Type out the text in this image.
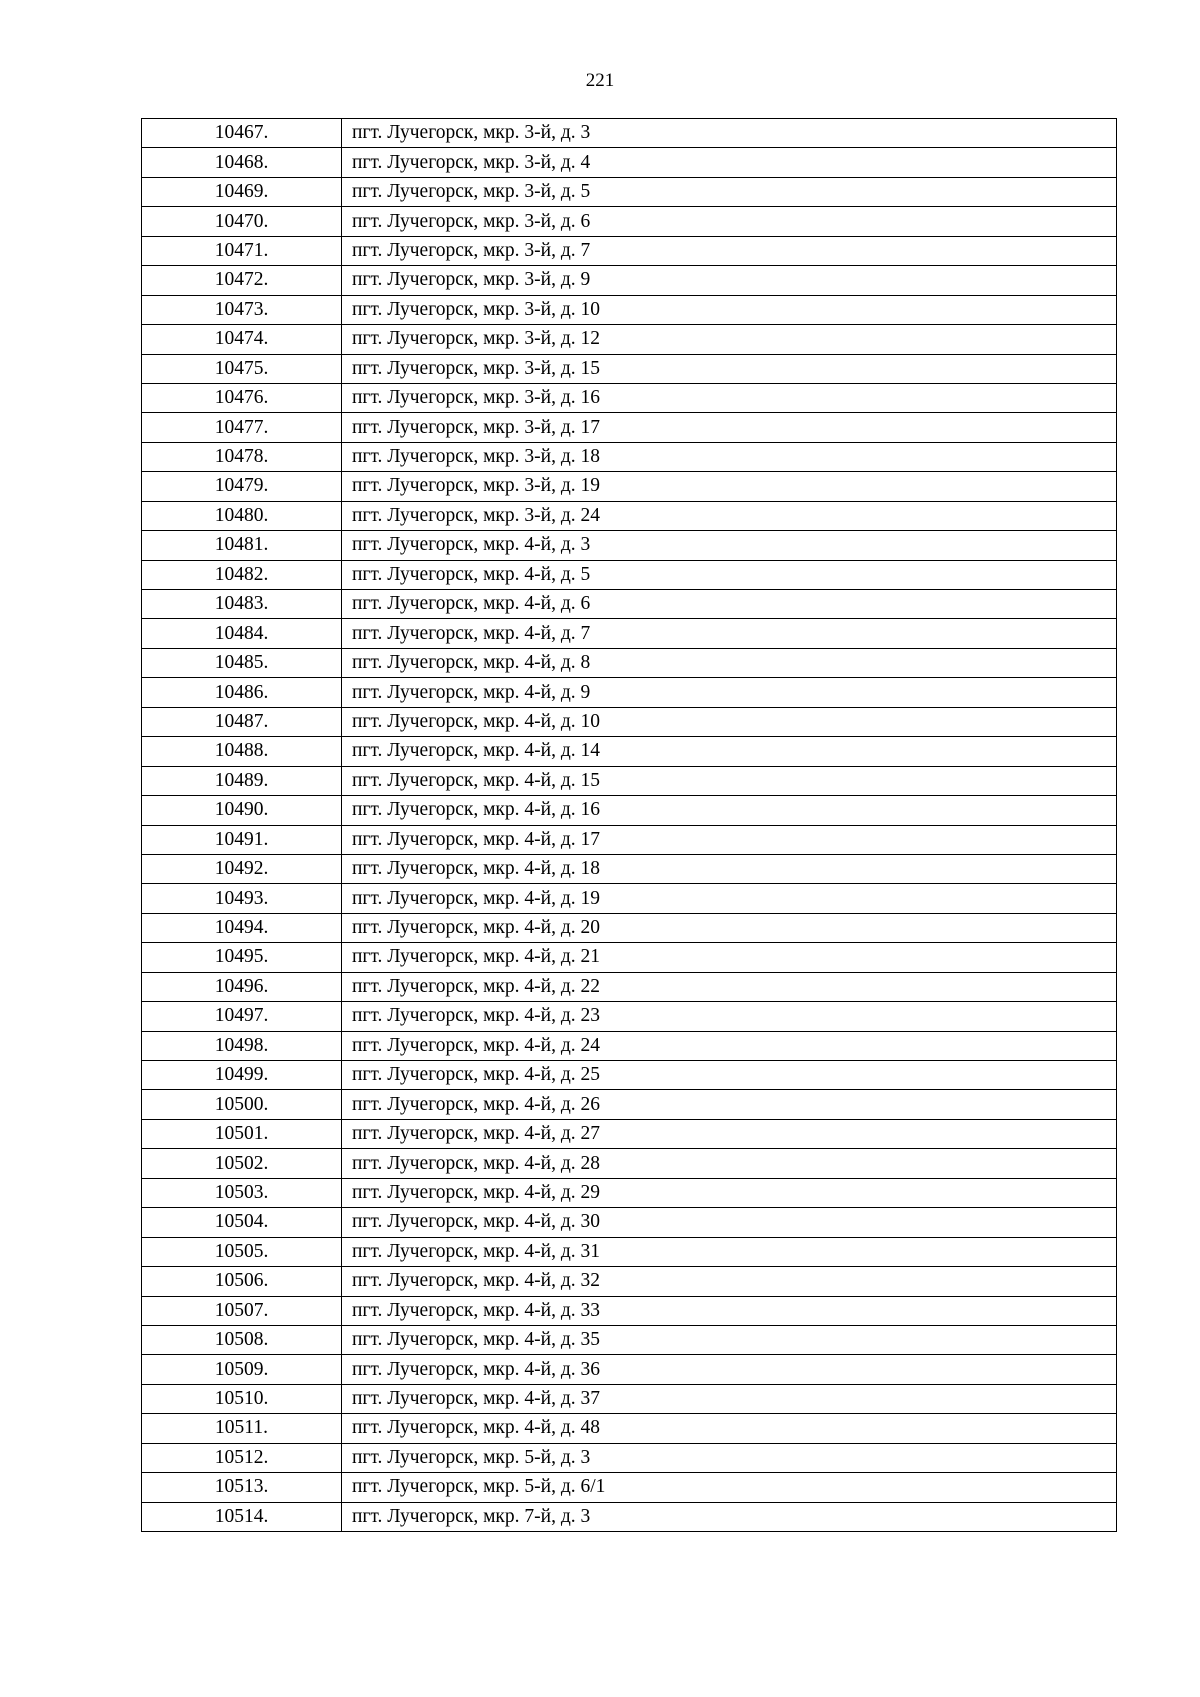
221
10467.	пгт. Лучегорск, мкр. 3-й, д. 3
10468.	пгт. Лучегорск, мкр. 3-й, д. 4
10469.	пгт. Лучегорск, мкр. 3-й, д. 5
10470.	пгт. Лучегорск, мкр. 3-й, д. 6
10471.	пгт. Лучегорск, мкр. 3-й, д. 7
10472.	пгт. Лучегорск, мкр. 3-й, д. 9
10473.	пгт. Лучегорск, мкр. 3-й, д. 10
10474.	пгт. Лучегорск, мкр. 3-й, д. 12
10475.	пгт. Лучегорск, мкр. 3-й, д. 15
10476.	пгт. Лучегорск, мкр. 3-й, д. 16
10477.	пгт. Лучегорск, мкр. 3-й, д. 17
10478.	пгт. Лучегорск, мкр. 3-й, д. 18
10479.	пгт. Лучегорск, мкр. 3-й, д. 19
10480.	пгт. Лучегорск, мкр. 3-й, д. 24
10481.	пгт. Лучегорск, мкр. 4-й, д. 3
10482.	пгт. Лучегорск, мкр. 4-й, д. 5
10483.	пгт. Лучегорск, мкр. 4-й, д. 6
10484.	пгт. Лучегорск, мкр. 4-й, д. 7
10485.	пгт. Лучегорск, мкр. 4-й, д. 8
10486.	пгт. Лучегорск, мкр. 4-й, д. 9
10487.	пгт. Лучегорск, мкр. 4-й, д. 10
10488.	пгт. Лучегорск, мкр. 4-й, д. 14
10489.	пгт. Лучегорск, мкр. 4-й, д. 15
10490.	пгт. Лучегорск, мкр. 4-й, д. 16
10491.	пгт. Лучегорск, мкр. 4-й, д. 17
10492.	пгт. Лучегорск, мкр. 4-й, д. 18
10493.	пгт. Лучегорск, мкр. 4-й, д. 19
10494.	пгт. Лучегорск, мкр. 4-й, д. 20
10495.	пгт. Лучегорск, мкр. 4-й, д. 21
10496.	пгт. Лучегорск, мкр. 4-й, д. 22
10497.	пгт. Лучегорск, мкр. 4-й, д. 23
10498.	пгт. Лучегорск, мкр. 4-й, д. 24
10499.	пгт. Лучегорск, мкр. 4-й, д. 25
10500.	пгт. Лучегорск, мкр. 4-й, д. 26
10501.	пгт. Лучегорск, мкр. 4-й, д. 27
10502.	пгт. Лучегорск, мкр. 4-й, д. 28
10503.	пгт. Лучегорск, мкр. 4-й, д. 29
10504.	пгт. Лучегорск, мкр. 4-й, д. 30
10505.	пгт. Лучегорск, мкр. 4-й, д. 31
10506.	пгт. Лучегорск, мкр. 4-й, д. 32
10507.	пгт. Лучегорск, мкр. 4-й, д. 33
10508.	пгт. Лучегорск, мкр. 4-й, д. 35
10509.	пгт. Лучегорск, мкр. 4-й, д. 36
10510.	пгт. Лучегорск, мкр. 4-й, д. 37
10511.	пгт. Лучегорск, мкр. 4-й, д. 48
10512.	пгт. Лучегорск, мкр. 5-й, д. 3
10513.	пгт. Лучегорск, мкр. 5-й, д. 6/1
10514.	пгт. Лучегорск, мкр. 7-й, д. 3
